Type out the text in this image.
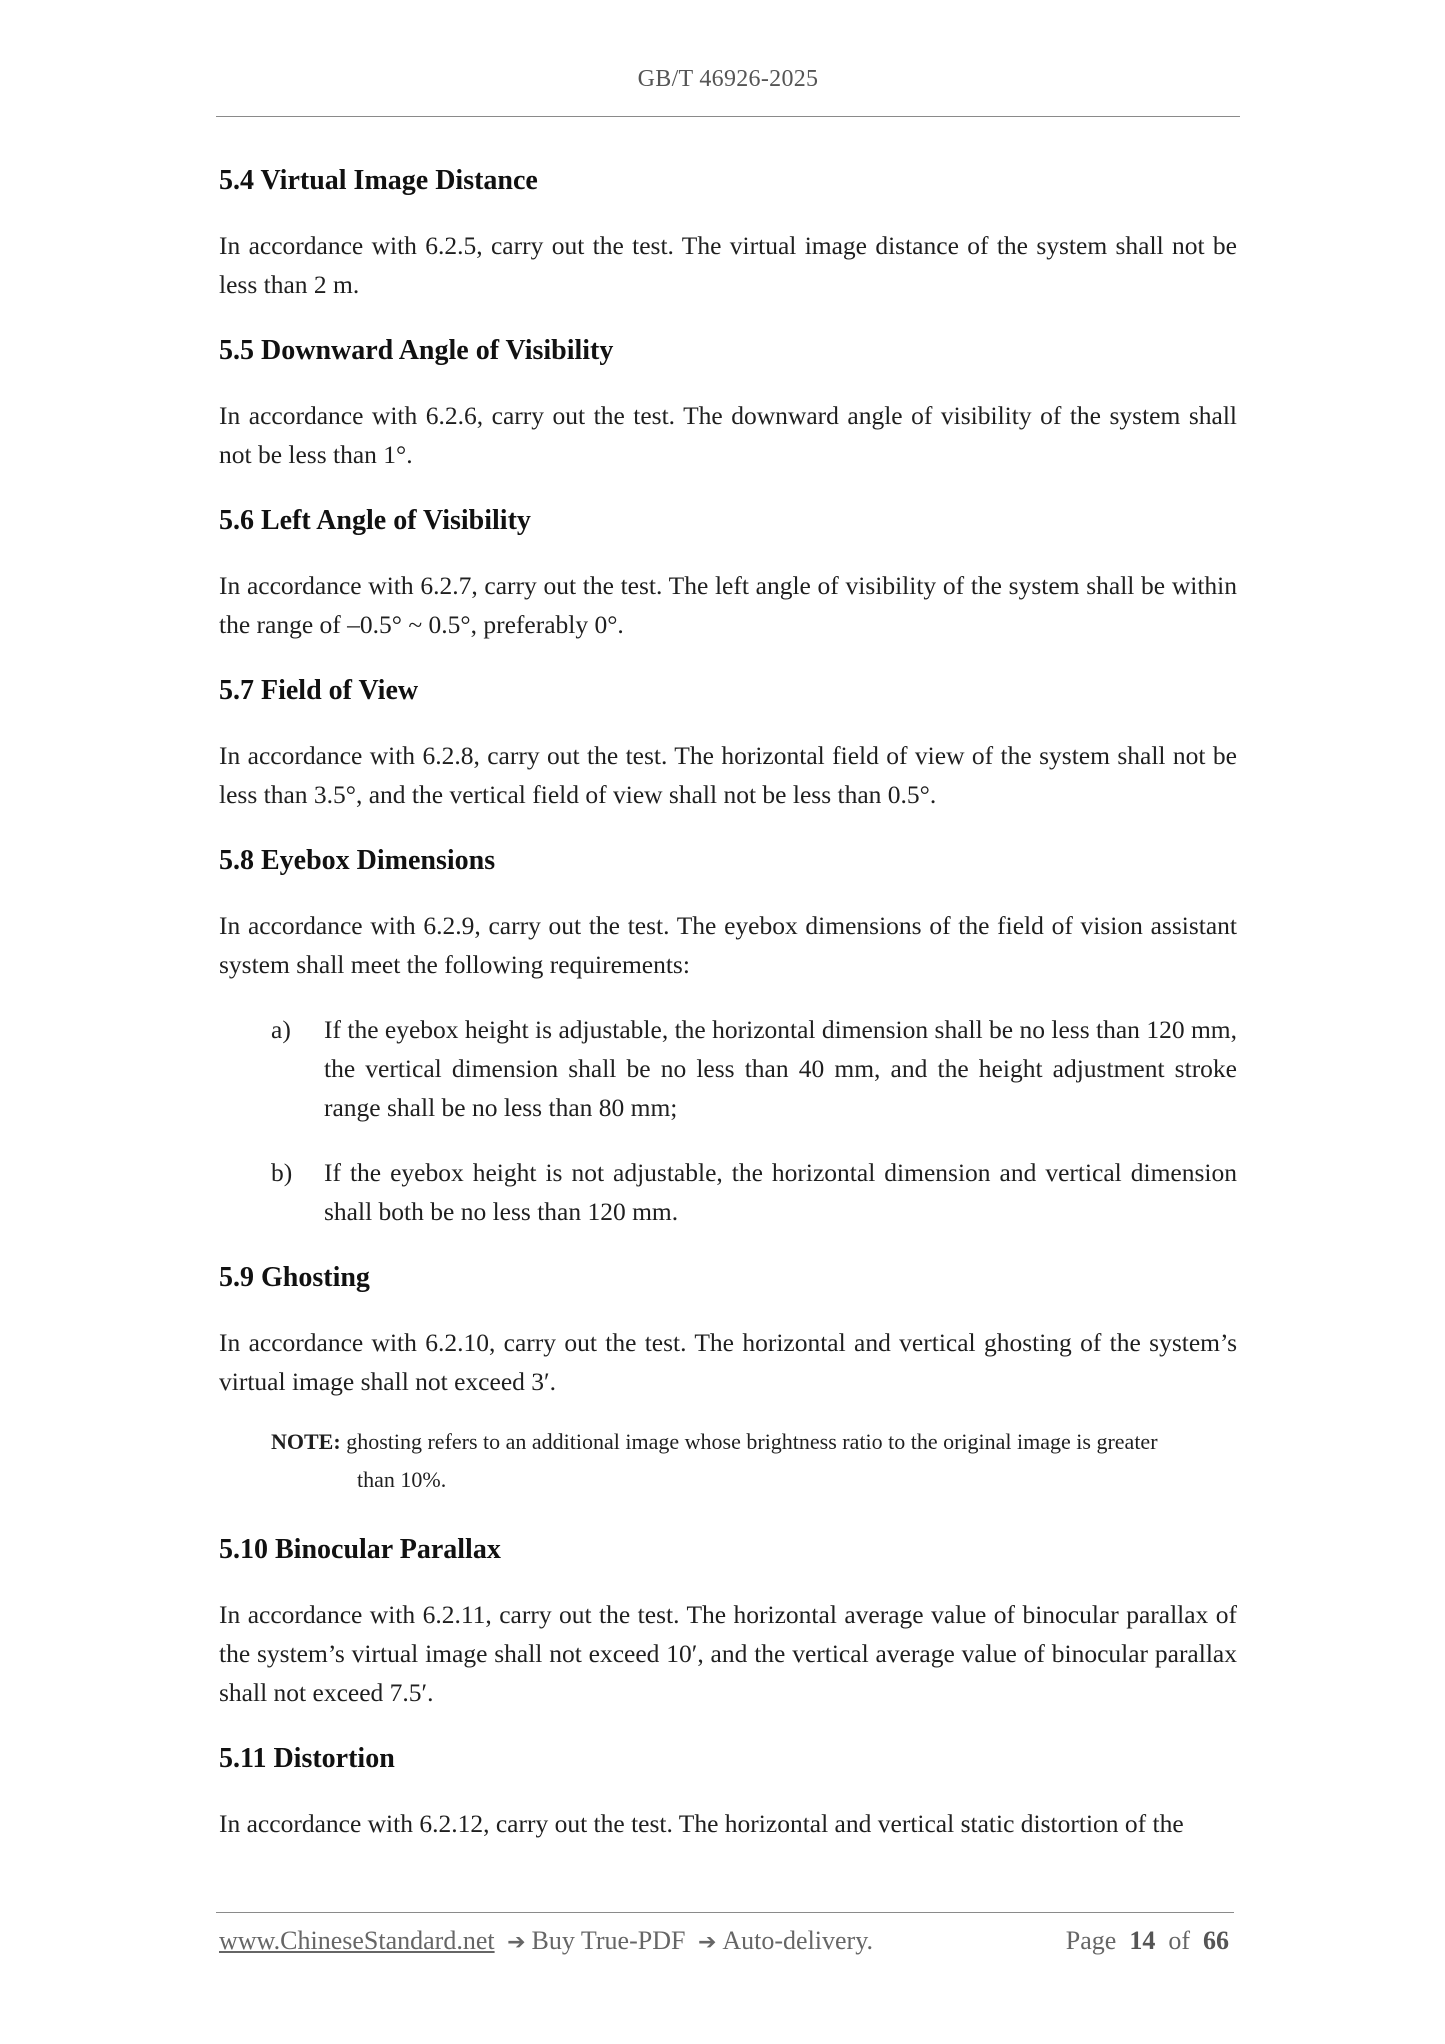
GB/T 46926-2025
5.4 Virtual Image Distance

In accordance with 6.2.5, carry out the test. The virtual image distance of the system shall not be less than 2 m.

5.5 Downward Angle of Visibility

In accordance with 6.2.6, carry out the test. The downward angle of visibility of the system shall not be less than 1°.

5.6 Left Angle of Visibility

In accordance with 6.2.7, carry out the test. The left angle of visibility of the system shall be within the range of –0.5° ~ 0.5°, preferably 0°.

5.7 Field of View

In accordance with 6.2.8, carry out the test. The horizontal field of view of the system shall not be less than 3.5°, and the vertical field of view shall not be less than 0.5°.

5.8 Eyebox Dimensions

In accordance with 6.2.9, carry out the test. The eyebox dimensions of the field of vision assistant system shall meet the following requirements:

a) If the eyebox height is adjustable, the horizontal dimension shall be no less than 120 mm, the vertical dimension shall be no less than 40 mm, and the height adjustment stroke range shall be no less than 80 mm;
b) If the eyebox height is not adjustable, the horizontal dimension and vertical dimension shall both be no less than 120 mm.
5.9 Ghosting

In accordance with 6.2.10, carry out the test. The horizontal and vertical ghosting of the system’s virtual image shall not exceed 3′.

NOTE: ghosting refers to an additional image whose brightness ratio to the original image is greater
than 10%.
5.10 Binocular Parallax

In accordance with 6.2.11, carry out the test. The horizontal average value of binocular parallax of the system’s virtual image shall not exceed 10′, and the vertical average value of binocular parallax shall not exceed 7.5′.

5.11 Distortion

In accordance with 6.2.12, carry out the test. The horizontal and vertical static distortion of the

www.ChineseStandard.net ➔ Buy True-PDF ➔ Auto-delivery.	Page 14 of 66
